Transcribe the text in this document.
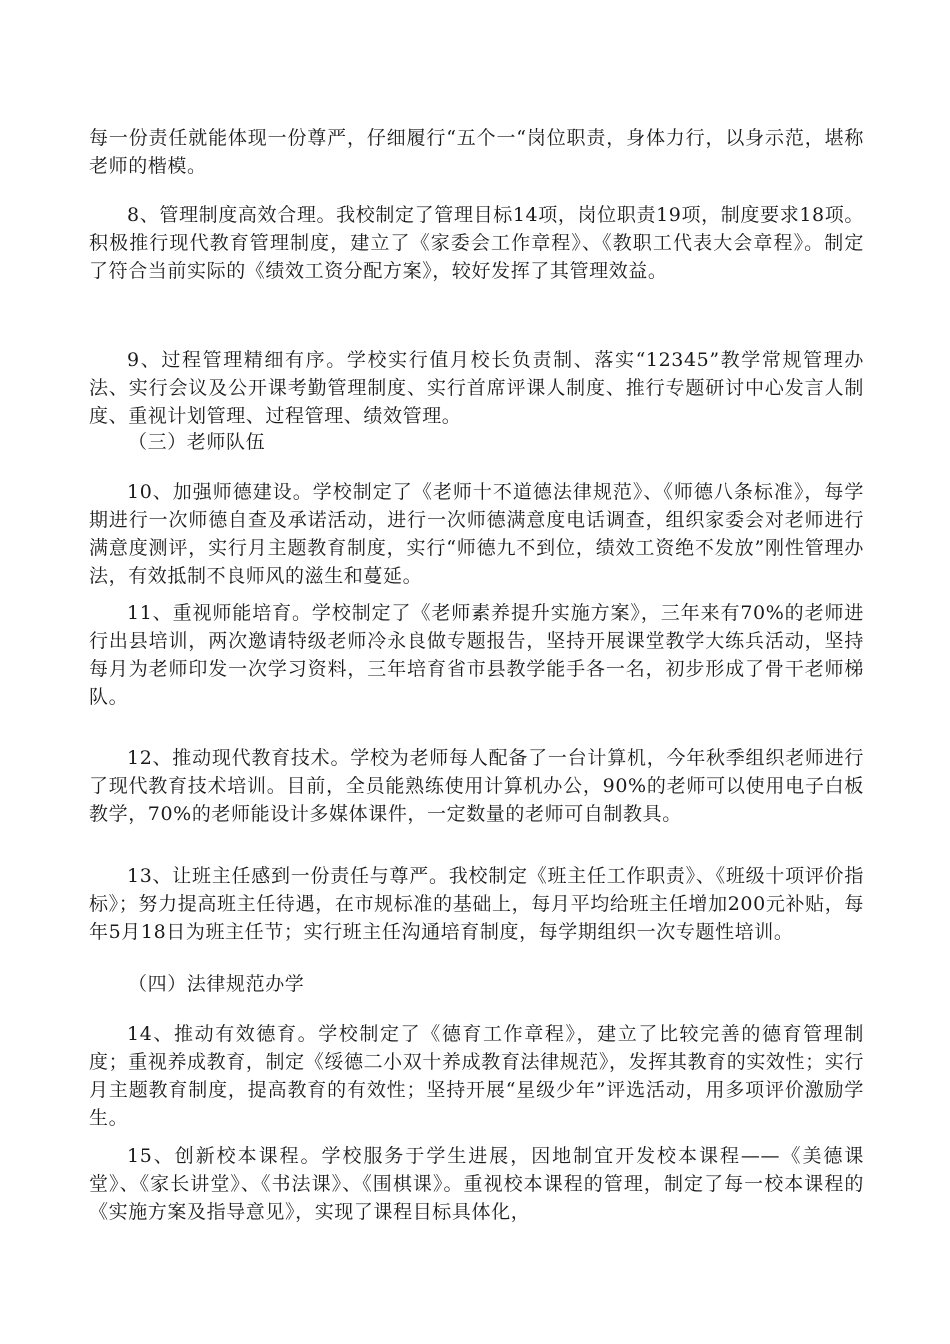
每一份责任就能体现一份尊严，仔细履行“五个一“岗位职责，身体力行，以身示范，堪称老师的楷模。

8、管理制度高效合理。我校制定了管理目标14项，岗位职责19项，制度要求18项。积极推行现代教育管理制度，建立了《家委会工作章程》、《教职工代表大会章程》。制定了符合当前实际的《绩效工资分配方案》，较好发挥了其管理效益。

9、过程管理精细有序。学校实行值月校长负责制、落实“12345”教学常规管理办法、实行会议及公开课考勤管理制度、实行首席评课人制度、推行专题研讨中心发言人制度、重视计划管理、过程管理、绩效管理。

（三）老师队伍

10、加强师德建设。学校制定了《老师十不道德法律规范》、《师德八条标准》，每学期进行一次师德自查及承诺活动，进行一次师德满意度电话调查，组织家委会对老师进行满意度测评，实行月主题教育制度，实行“师德九不到位，绩效工资绝不发放”刚性管理办法，有效抵制不良师风的滋生和蔓延。

11、重视师能培育。学校制定了《老师素养提升实施方案》，三年来有70%的老师进行出县培训，两次邀请特级老师冷永良做专题报告，坚持开展课堂教学大练兵活动，坚持每月为老师印发一次学习资料，三年培育省市县教学能手各一名，初步形成了骨干老师梯队。

12、推动现代教育技术。学校为老师每人配备了一台计算机，今年秋季组织老师进行了现代教育技术培训。目前，全员能熟练使用计算机办公，90%的老师可以使用电子白板教学，70%的老师能设计多媒体课件，一定数量的老师可自制教具。

13、让班主任感到一份责任与尊严。我校制定《班主任工作职责》、《班级十项评价指标》；努力提高班主任待遇，在市规标准的基础上，每月平均给班主任增加200元补贴，每年5月18日为班主任节；实行班主任沟通培育制度，每学期组织一次专题性培训。

（四）法律规范办学

14、推动有效德育。学校制定了《德育工作章程》，建立了比较完善的德育管理制度；重视养成教育，制定《绥德二小双十养成教育法律规范》，发挥其教育的实效性；实行月主题教育制度，提高教育的有效性；坚持开展“星级少年”评选活动，用多项评价激励学生。

15、创新校本课程。学校服务于学生进展，因地制宜开发校本课程——《美德课堂》、《家长讲堂》、《书法课》、《围棋课》。重视校本课程的管理，制定了每一校本课程的《实施方案及指导意见》，实现了课程目标具体化，
